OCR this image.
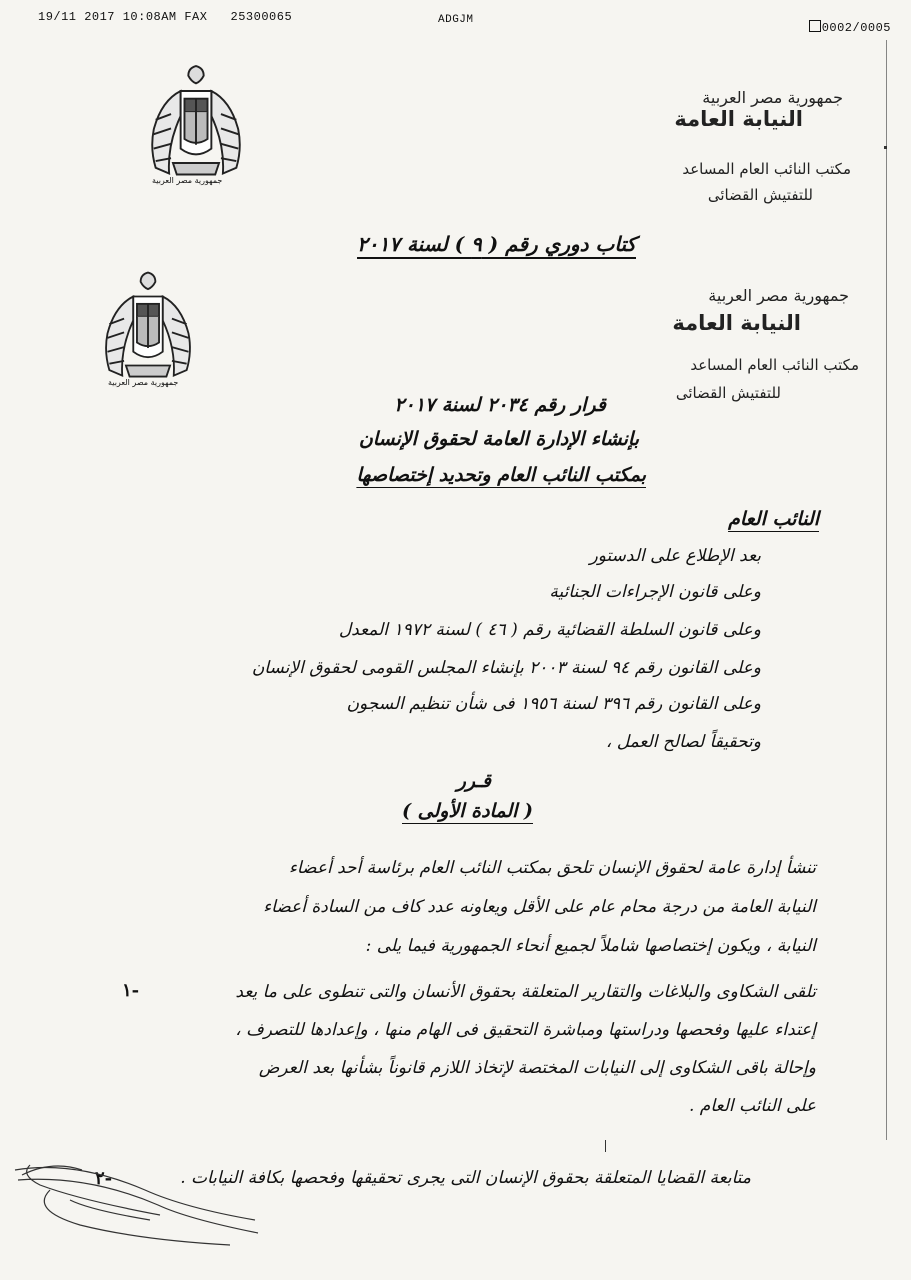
19/11 2017 10:08AM FAX   25300065	ADGJM
0002/0005
جمهورية مصر العربية
جمهورية مصر العربية
النيابة العامة
مكتب النائب العام المساعد
للتفتيش القضائى
كتاب دوري رقم ( ٩ ) لسنة ٢٠١٧
جمهورية مصر العربية
جمهورية مصر العربية
النيابة العامة
مكتب النائب العام المساعد
للتفتيش القضائى
قرار رقم ٢٠٣٤ لسنة ٢٠١٧
بإنشاء الإدارة العامة لحقوق الإنسان
بمكتب النائب العام وتحديد إختصاصها
النائب العام
بعد الإطلاع على الدستور
وعلى قانون الإجراءات الجنائية
وعلى قانون السلطة القضائية رقم ( ٤٦ ) لسنة ١٩٧٢ المعدل
وعلى القانون رقم ٩٤ لسنة ٢٠٠٣ بإنشاء المجلس القومى لحقوق الإنسان
وعلى القانون رقم ٣٩٦ لسنة ١٩٥٦ فى شأن تنظيم السجون
وتحقيقاً لصالح العمل ،
قـرر
( المادة الأولى )
تنشأ إدارة عامة لحقوق الإنسان تلحق بمكتب النائب العام برئاسة أحد أعضاء
النيابة العامة من درجة محام عام على الأقل ويعاونه عدد كاف من السادة أعضاء
النيابة ، ويكون إختصاصها شاملاً لجميع أنحاء الجمهورية فيما يلى :
١-	تلقى الشكاوى والبلاغات والتقارير المتعلقة بحقوق الأنسان والتى تنطوى على ما يعد
إعتداء عليها وفحصها ودراستها ومباشرة التحقيق فى الهام منها ، وإعدادها للتصرف ،
وإحالة باقى الشكاوى إلى النيابات المختصة لإتخاذ اللازم قانوناً بشأنها بعد العرض
على النائب العام .
٢-	متابعة القضايا المتعلقة بحقوق الإنسان التى يجرى تحقيقها وفحصها بكافة النيابات .
